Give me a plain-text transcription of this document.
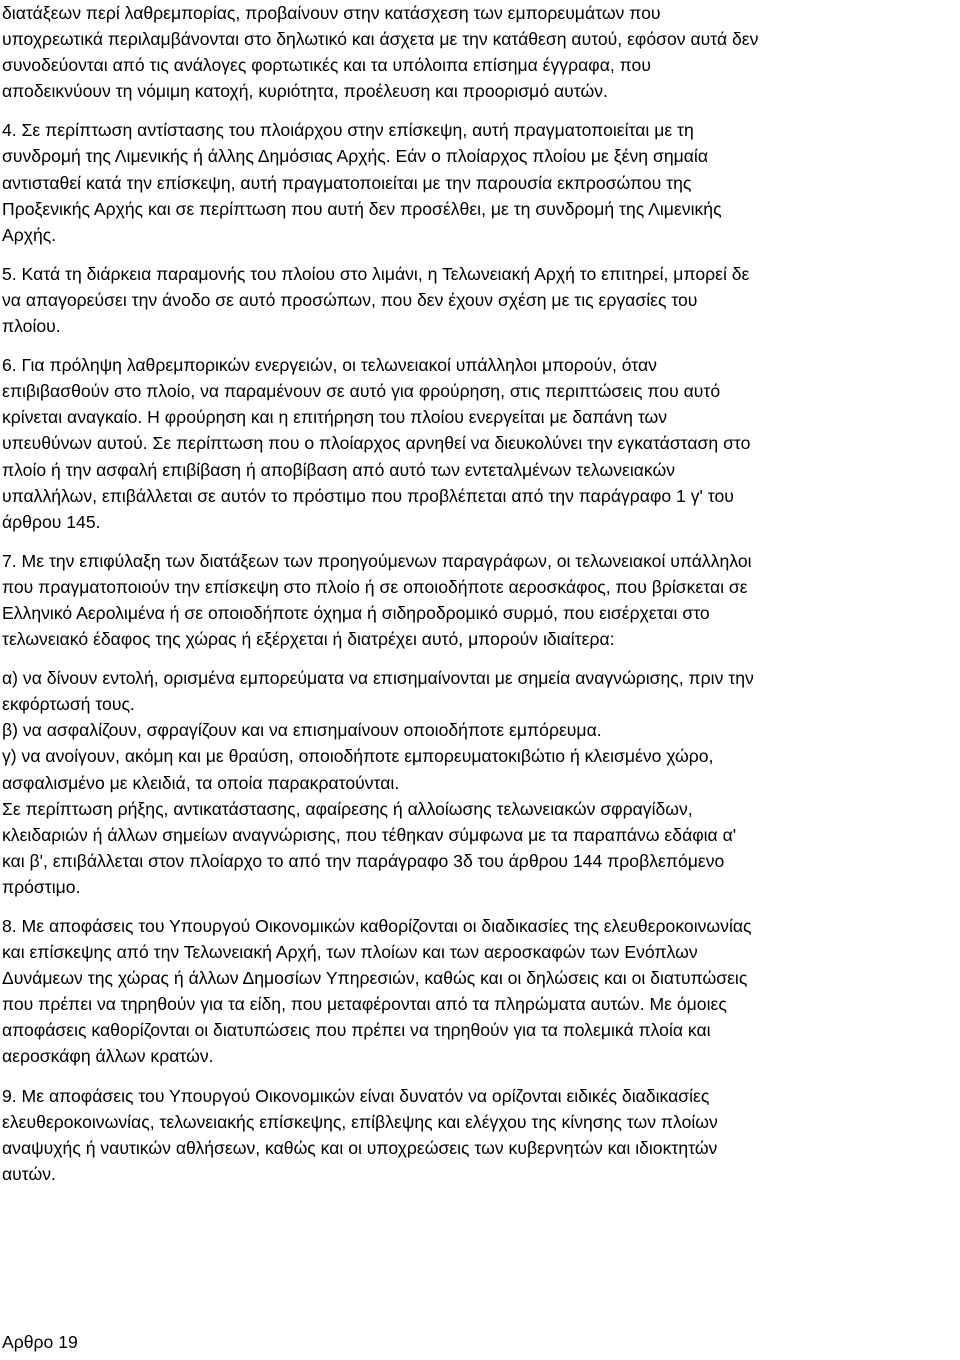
διατάξεων περί λαθρεμπορίας, προβαίνουν στην κατάσχεση των εμπορευμάτων που
υποχρεωτικά περιλαμβάνονται στο δηλωτικό και άσχετα με την κατάθεση αυτού, εφόσον αυτά δεν
συνοδεύονται από τις ανάλογες φορτωτικές και τα υπόλοιπα επίσημα έγγραφα, που
αποδεικνύουν τη νόμιμη κατοχή, κυριότητα, προέλευση και προορισμό αυτών.

4. Σε περίπτωση αντίστασης του πλοιάρχου στην επίσκεψη, αυτή πραγματοποιείται με τη
συνδρομή της Λιμενικής ή άλλης Δημόσιας Αρχής. Εάν ο πλοίαρχος πλοίου με ξένη σημαία
αντισταθεί κατά την επίσκεψη, αυτή πραγματοποιείται με την παρουσία εκπροσώπου της
Προξενικής Αρχής και σε περίπτωση που αυτή δεν προσέλθει, με τη συνδρομή της Λιμενικής
Αρχής.

5. Κατά τη διάρκεια παραμονής του πλοίου στο λιμάνι, η Τελωνειακή Αρχή το επιτηρεί, μπορεί δε
να απαγορεύσει την άνοδο σε αυτό προσώπων, που δεν έχουν σχέση με τις εργασίες του
πλοίου.

6. Για πρόληψη λαθρεμπορικών ενεργειών, οι τελωνειακοί υπάλληλοι μπορούν, όταν
επιβιβασθούν στο πλοίο, να παραμένουν σε αυτό για φρούρηση, στις περιπτώσεις που αυτό
κρίνεται αναγκαίο. Η φρούρηση και η επιτήρηση του πλοίου ενεργείται με δαπάνη των
υπευθύνων αυτού. Σε περίπτωση που ο πλοίαρχος αρνηθεί να διευκολύνει την εγκατάσταση στο
πλοίο ή την ασφαλή επιβίβαση ή αποβίβαση από αυτό των εντεταλμένων τελωνειακών
υπαλλήλων, επιβάλλεται σε αυτόν το πρόστιμο που προβλέπεται από την παράγραφο 1 γ' του
άρθρου 145.

7. Με την επιφύλαξη των διατάξεων των προηγούμενων παραγράφων, οι τελωνειακοί υπάλληλοι
που πραγματοποιούν την επίσκεψη στο πλοίο ή σε οποιοδήποτε αεροσκάφος, που βρίσκεται σε
Ελληνικό Αερολιμένα ή σε οποιοδήποτε όχημα ή σιδηροδρομικό συρμό, που εισέρχεται στο
τελωνειακό έδαφος της χώρας ή εξέρχεται ή διατρέχει αυτό, μπορούν ιδιαίτερα:

α) να δίνουν εντολή, ορισμένα εμπορεύματα να επισημαίνονται με σημεία αναγνώρισης, πριν την
εκφόρτωσή τους.
β) να ασφαλίζουν, σφραγίζουν και να επισημαίνουν οποιοδήποτε εμπόρευμα.
γ) να ανοίγουν, ακόμη και με θραύση, οποιοδήποτε εμπορευματοκιβώτιο ή κλεισμένο χώρο,
ασφαλισμένο με κλειδιά, τα οποία παρακρατούνται.
Σε περίπτωση ρήξης, αντικατάστασης, αφαίρεσης ή αλλοίωσης τελωνειακών σφραγίδων,
κλειδαριών ή άλλων σημείων αναγνώρισης, που τέθηκαν σύμφωνα με τα παραπάνω εδάφια α'
και β', επιβάλλεται στον πλοίαρχο το από την παράγραφο 3δ του άρθρου 144 προβλεπόμενο
πρόστιμο.

8. Με αποφάσεις του Υπουργού Οικονομικών καθορίζονται οι διαδικασίες της ελευθεροκοινωνίας
και επίσκεψης από την Τελωνειακή Αρχή, των πλοίων και των αεροσκαφών των Ενόπλων
Δυνάμεων της χώρας ή άλλων Δημοσίων Υπηρεσιών, καθώς και οι δηλώσεις και οι διατυπώσεις
που πρέπει να τηρηθούν για τα είδη, που μεταφέρονται από τα πληρώματα αυτών. Με όμοιες
αποφάσεις καθορίζονται οι διατυπώσεις που πρέπει να τηρηθούν για τα πολεμικά πλοία και
αεροσκάφη άλλων κρατών.

9. Με αποφάσεις του Υπουργού Οικονομικών είναι δυνατόν να ορίζονται ειδικές διαδικασίες
ελευθεροκοινωνίας, τελωνειακής επίσκεψης, επίβλεψης και ελέγχου της κίνησης των πλοίων
αναψυχής ή ναυτικών αθλήσεων, καθώς και οι υποχρεώσεις των κυβερνητών και ιδιοκτητών
αυτών.

Αρθρο 19
